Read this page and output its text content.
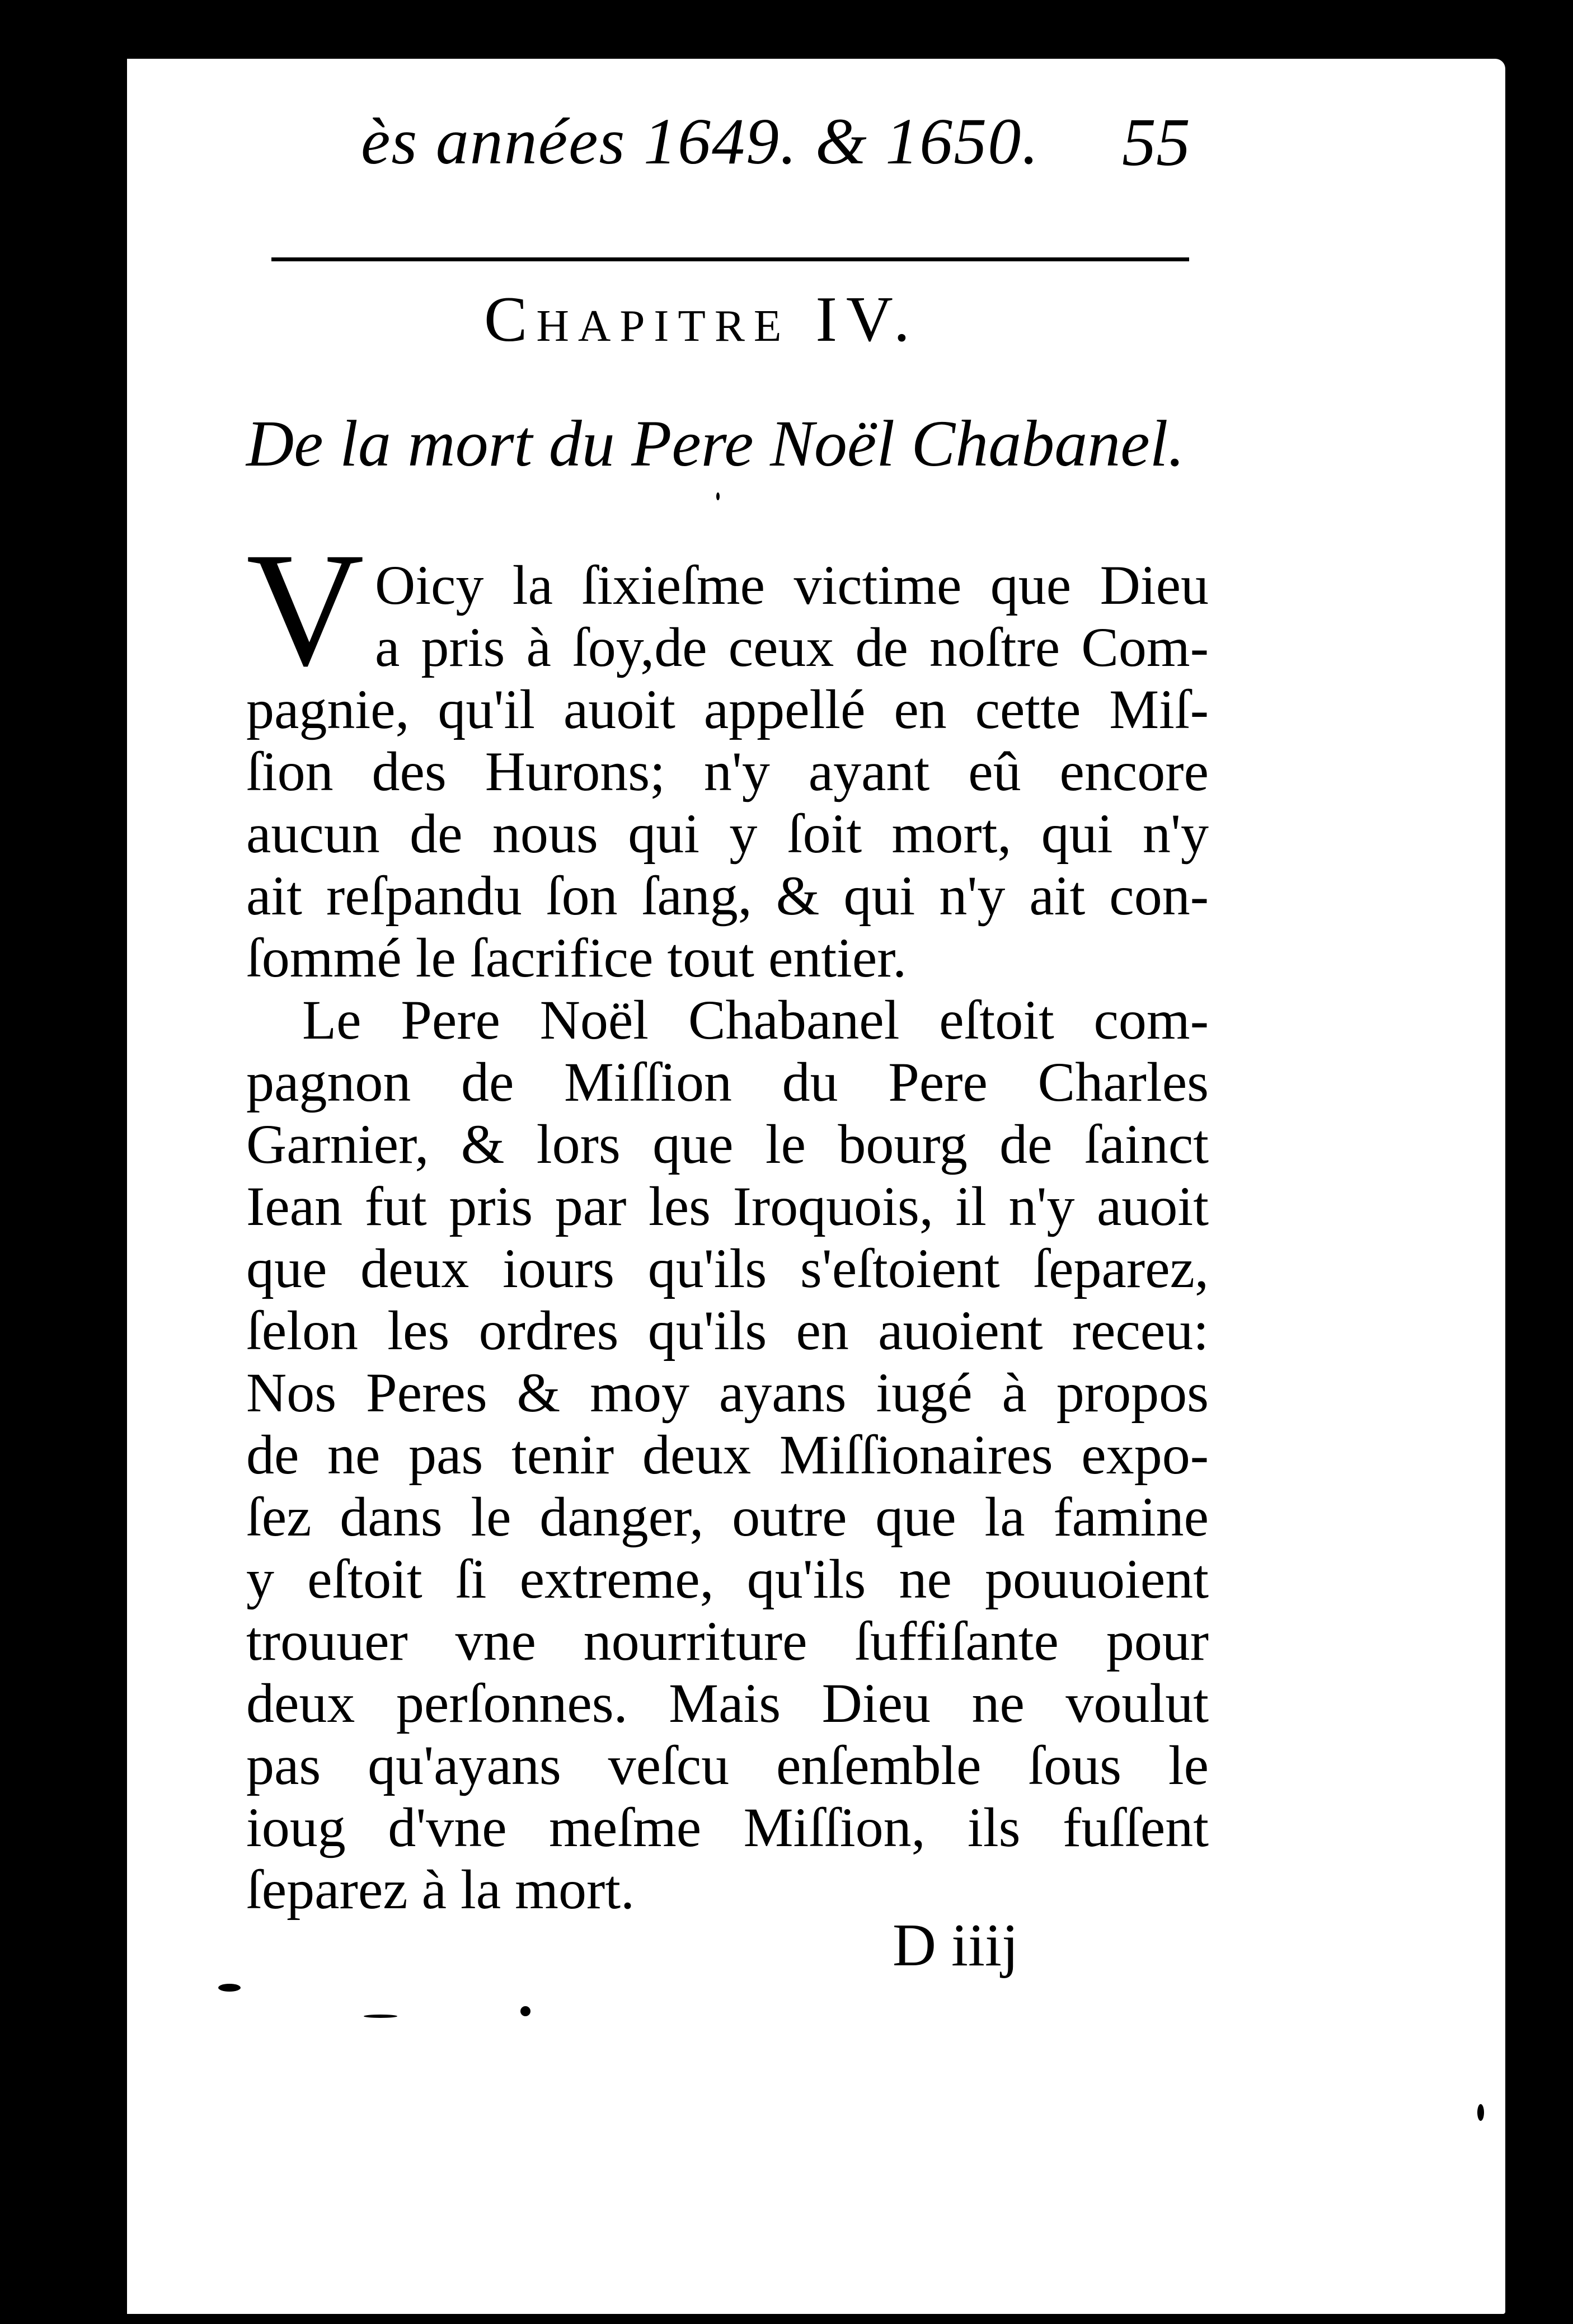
ès années 1649. & 1650.	55
Chapitre IV.
De la mort du Pere Noël Chabanel.
V Oicy la ſixieſme victime que Dieu
a pris à ſoy,de ceux de noſtre Com-
pagnie, qu'il auoit appellé en cette Miſ-
ſion des Hurons; n'y ayant eû encore
aucun de nous qui y ſoit mort, qui n'y
ait reſpandu ſon ſang, & qui n'y ait con-
ſommé le ſacrifice tout entier.
Le Pere Noël Chabanel eſtoit com-
pagnon de Miſſion du Pere Charles
Garnier, & lors que le bourg de ſainct
Iean fut pris par les Iroquois, il n'y auoit
que deux iours qu'ils s'eſtoient ſeparez,
ſelon les ordres qu'ils en auoient receu:
Nos Peres & moy ayans iugé à propos
de ne pas tenir deux Miſſionaires expo-
ſez dans le danger, outre que la famine
y eſtoit ſi extreme, qu'ils ne pouuoient
trouuer vne nourriture ſuffiſante pour
deux perſonnes. Mais Dieu ne voulut
pas qu'ayans veſcu enſemble ſous le
ioug d'vne meſme Miſſion, ils fuſſent
ſeparez à la mort.
D iiij
